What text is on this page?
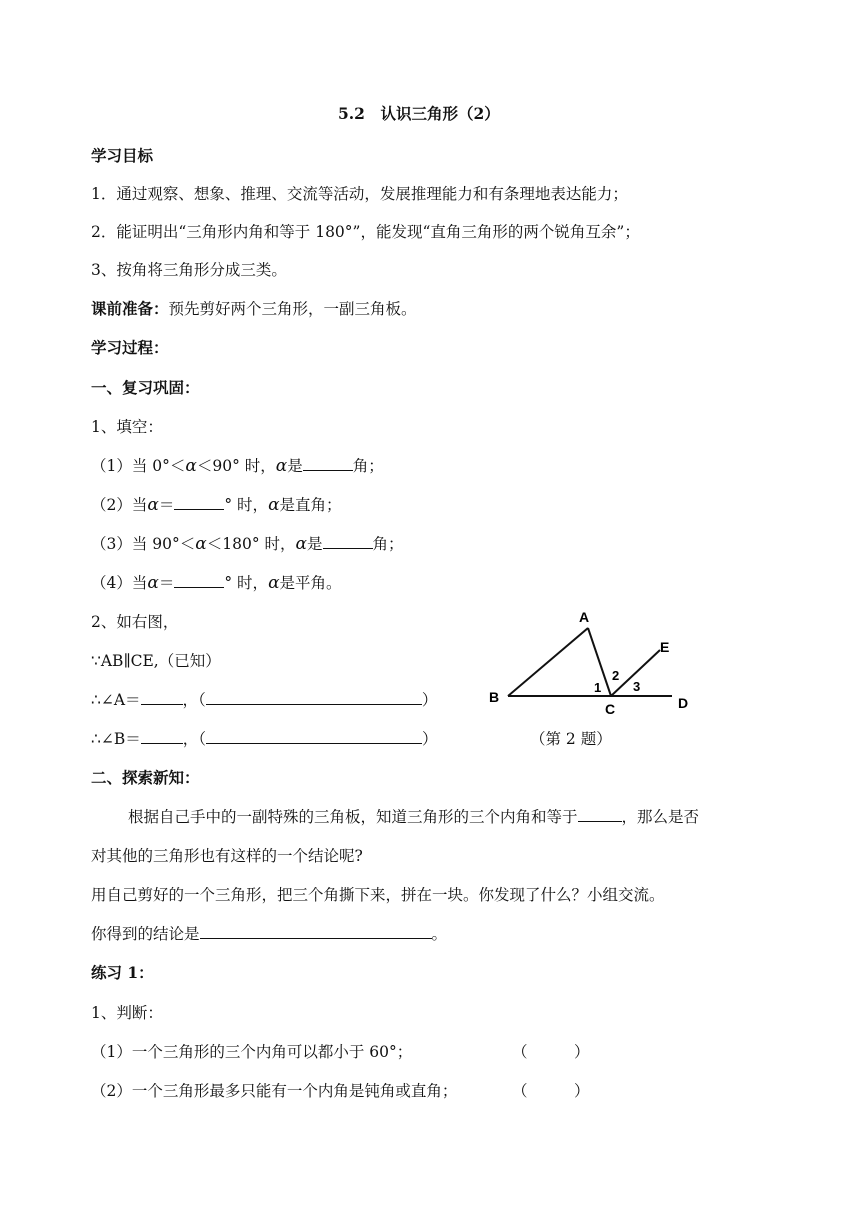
5.2　认识三角形（2）
学习目标
1．通过观察、想象、推理、交流等活动，发展推理能力和有条理地表达能力；
2．能证明出“三角形内角和等于 180°”，能发现“直角三角形的两个锐角互余”；
3、按角将三角形分成三类。
课前准备：预先剪好两个三角形，一副三角板。
学习过程：
一、复习巩固：
1、填空：
（1）当 0°＜α＜90° 时，α是	角；
（2）当α＝	° 时，α是直角；
（3）当 90°＜α＜180° 时，α是	角；
（4）当α＝	° 时，α是平角。
2、如右图，
∵AB∥CE,（已知）
∴∠A＝	，（	）
∴∠B＝	，（	）
A
B
C	D
E
1
2
3
（第 2 题）
二、探索新知：
根据自己手中的一副特殊的三角板，知道三角形的三个内角和等于	，那么是否
对其他的三角形也有这样的一个结论呢?
用自己剪好的一个三角形，把三个角撕下来，拼在一块。你发现了什么？小组交流。
你得到的结论是	。
练习 1：
1、判断：
（1）一个三角形的三个内角可以都小于 60°；	（　　　）
（2）一个三角形最多只能有一个内角是钝角或直角；	（　　　）
